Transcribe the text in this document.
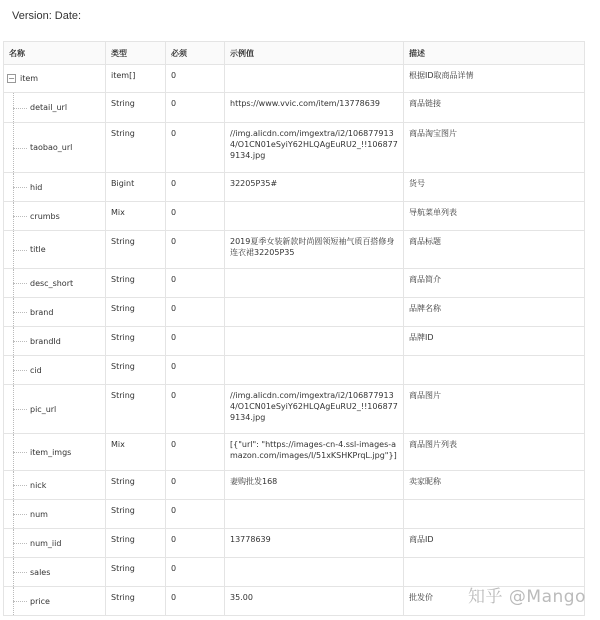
Version: Date:
名称	类型	必须	示例值	描述

− item	item[]	0		根据ID取商品详情

detail_url	String	0	https://www.vvic.com/item/13778639	商品链接

taobao_url	String	0	//img.alicdn.com/imgextra/i2/1068779134/O1CN01eSyiY62HLQAgEuRU2_!!1068779134.jpg	商品淘宝图片

hid	Bigint	0	32205P35#	货号

crumbs	Mix	0		导航菜单列表

title	String	0	2019夏季女装新款时尚圆领短袖气质百搭修身连衣裙32205P35	商品标题

desc_short	String	0		商品简介

brand	String	0		品牌名称

brandId	String	0		品牌ID

cid	String	0		

pic_url	String	0	//img.alicdn.com/imgextra/i2/1068779134/O1CN01eSyiY62HLQAgEuRU2_!!1068779134.jpg	商品图片

item_imgs	Mix	0	[{"url": "https://images-cn-4.ssl-images-amazon.com/images/I/51xKSHKPrqL.jpg"}]	商品图片列表

nick	String	0	妻购批发168	卖家昵称

num	String	0		

num_iid	String	0	13778639	商品ID

sales	String	0		

price	String	0	35.00	批发价 知乎 @Mango
